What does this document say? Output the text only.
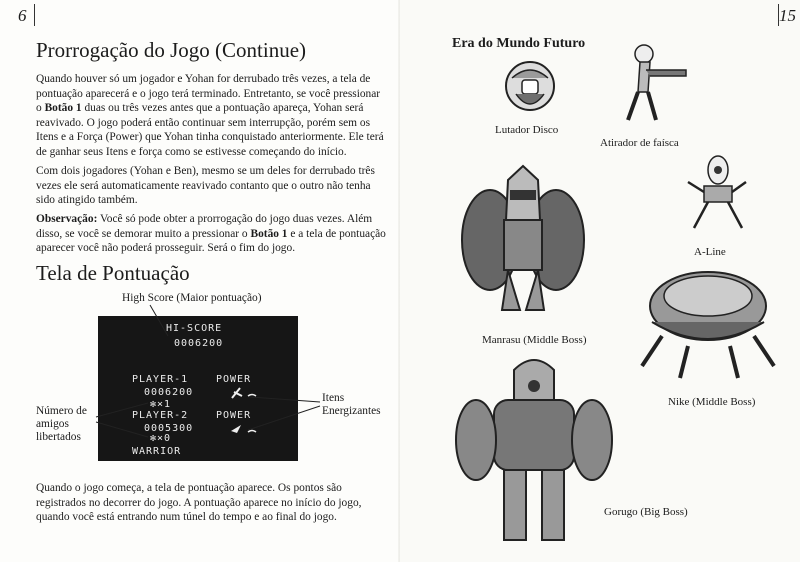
6
Prorrogação do Jogo (Continue)
Quando houver só um jogador e Yohan for derrubado três vezes, a tela de pontuação aparecerá e o jogo terá terminado. Entretanto, se você pressionar o Botão 1 duas ou três vezes antes que a pontuação apareça, Yohan será reavivado. O jogo poderá então continuar sem interrupção, porém sem os Itens e a Força (Power) que Yohan tinha conquistado anteriormente. Ele terá de ganhar seus Itens e força como se estivesse começando do início.
Com dois jogadores (Yohan e Ben), mesmo se um deles for derrubado três vezes ele será automaticamente reavivado contanto que o outro não tenha sido atingido também.
Observação: Você só pode obter a prorrogação do jogo duas vezes. Além disso, se você se demorar muito a pressionar o Botão 1 e a tela de pontuação aparecer você não poderá prosseguir. Será o fim do jogo.
Tela de Pontuação
High Score (Maior pontuação)
HI-SCORE
0006200
PLAYER-1	POWER
0006200
✻×1
PLAYER-2	POWER
0005300
✻×0
WARRIOR
Número de amigos libertados
Itens Energizantes
Quando o jogo começa, a tela de pontuação aparece. Os pontos são registrados no decorrer do jogo. A pontuação aparece no início do jogo, quando você está entrando num túnel do tempo e ao final do jogo.
15
Era do Mundo Futuro
Lutador Disco
Atirador de faísca
A-Line
Manrasu (Middle Boss)
Nike (Middle Boss)
Gorugo (Big Boss)
